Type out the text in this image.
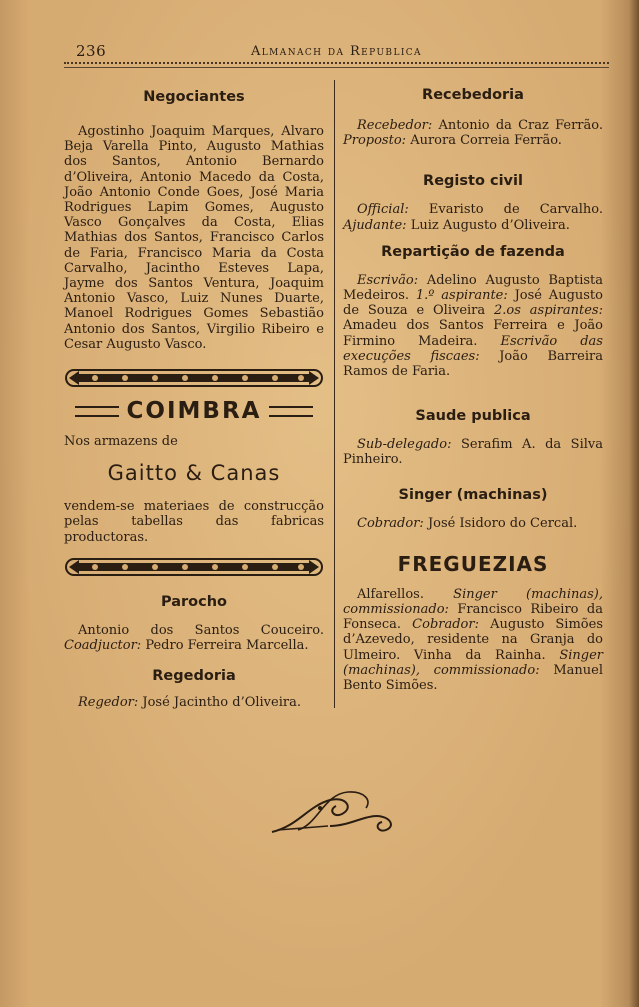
236	Almanach da Republica
Negociantes

Agostinho Joaquim Marques, Alvaro Beja Varella Pinto, Augusto Mathias dos Santos, Antonio Bernardo d’Oliveira, Antonio Macedo da Costa, João Antonio Conde Goes, José Maria Rodrigues Lapim Gomes, Augusto Vasco Gonçalves da Costa, Elias Mathias dos Santos, Francisco Carlos de Faria, Francisco Maria da Costa Carvalho, Jacintho Esteves Lapa, Jayme dos Santos Ventura, Joaquim Antonio Vasco, Luiz Nunes Duarte, Manoel Rodrigues Gomes Sebastião Antonio dos Santos, Virgilio Ribeiro e Cesar Augusto Vasco.

COIMBRA

Nos armazens de

Gaitto & Canas

vendem-se materiaes de construcção pelas tabellas das fabricas productoras.

Parocho

Antonio dos Santos Couceiro. Coadjuctor: Pedro Ferreira Marcella.

Regedoria

Regedor: José Jacintho d’Oliveira.

Recebedoria

Recebedor: Antonio da Craz Ferrão. Proposto: Aurora Correia Ferrão.

Registo civil

Official: Evaristo de Carvalho. Ajudante: Luiz Augusto d’Oliveira.

Repartição de fazenda

Escrivão: Adelino Augusto Baptista Medeiros. 1.º aspirante: José Augusto de Souza e Oliveira 2.os aspirantes: Amadeu dos Santos Ferreira e João Firmino Madeira. Escrivão das execuções fiscaes: João Barreira Ramos de Faria.

Saude publica

Sub-delegado: Serafim A. da Silva Pinheiro.

Singer (machinas)

Cobrador: José Isidoro do Cercal.

FREGUEZIAS

Alfarellos. Singer (machinas), commissionado: Francisco Ribeiro da Fonseca. Cobrador: Augusto Simões d’Azevedo, residente na Granja do Ulmeiro. Vinha da Rainha. Singer (machinas), commissionado: Manuel Bento Simões.
